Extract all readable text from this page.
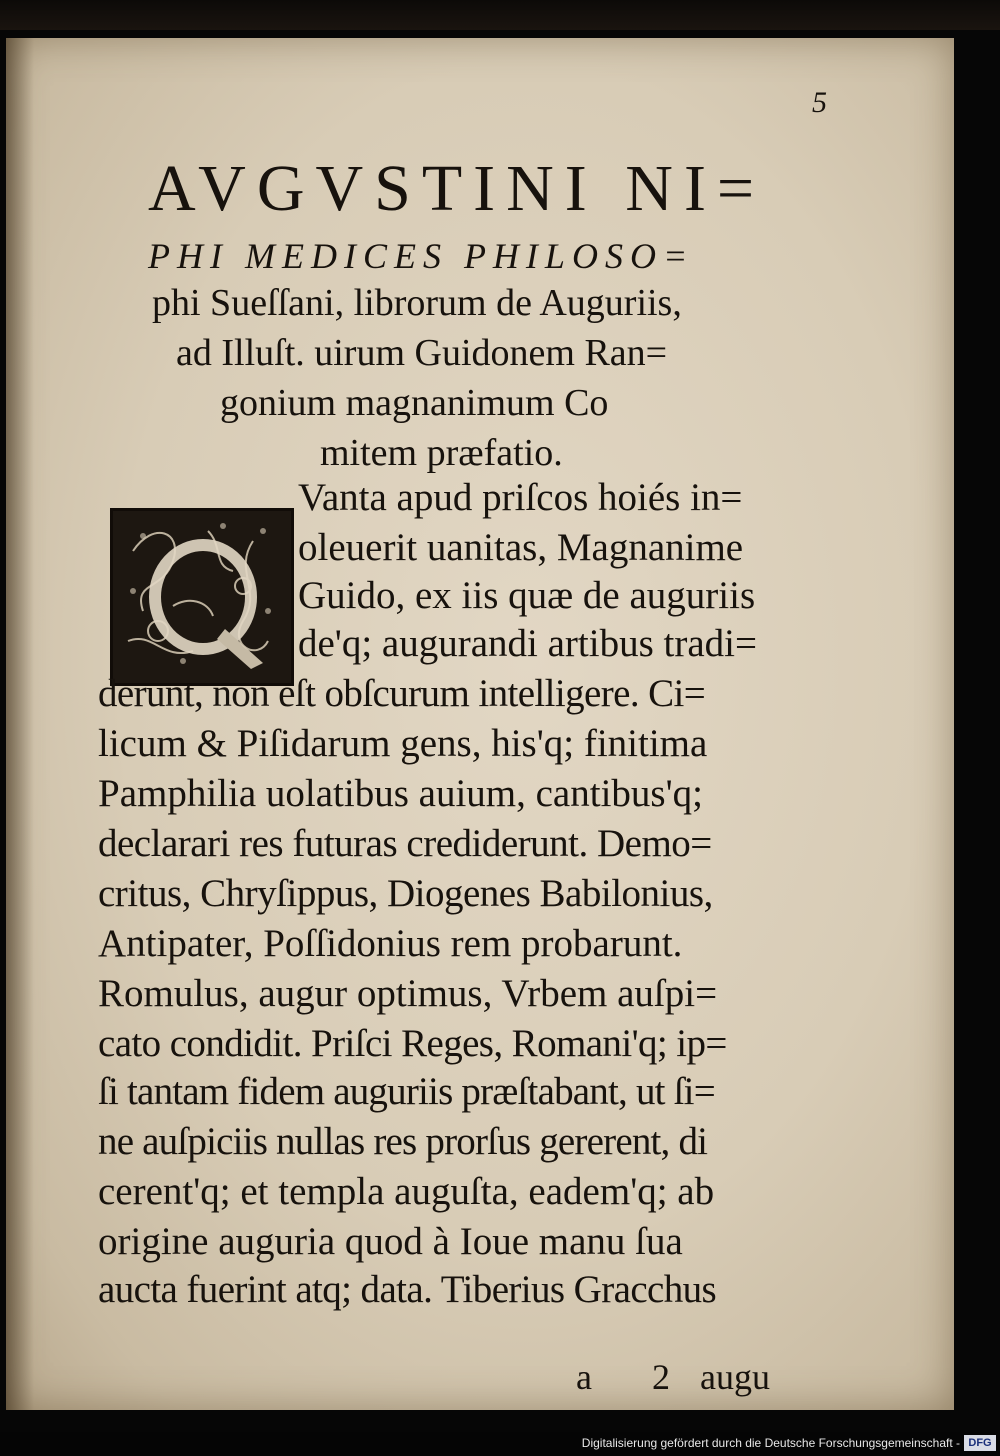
5
AVGVSTINI NI=
PHI MEDICES PHILOSO=
phi Sueſſani, librorum de Auguriis,
ad Illuſt. uirum Guidonem Ran=
gonium magnanimum Co
mitem præfatio.
Vanta apud priſcos hoiés in=
oleuerit uanitas, Magnanime
Guido, ex iis quæ de auguriis
de'q; augurandi artibus tradi=
derunt, non eſt obſcurum intelligere. Ci=
licum & Piſidarum gens, his'q; finitima
Pamphilia uolatibus auium, cantibus'q;
declarari res futuras crediderunt. Demo=
critus, Chryſippus, Diogenes Babilonius,
Antipater, Poſſidonius rem probarunt.
Romulus, augur optimus, Vrbem auſpi=
cato condidit. Priſci Reges, Romani'q; ip=
ſi tantam fidem auguriis præſtabant, ut ſi=
ne auſpiciis nullas res prorſus gererent, di
cerent'q; et templa auguſta, eadem'q; ab
origine auguria quod à Ioue manu ſua
aucta fuerint atq; data. Tiberius Gracchus
a 2 augu
Digitalisierung gefördert durch die Deutsche Forschungsgemeinschaft - DFG
